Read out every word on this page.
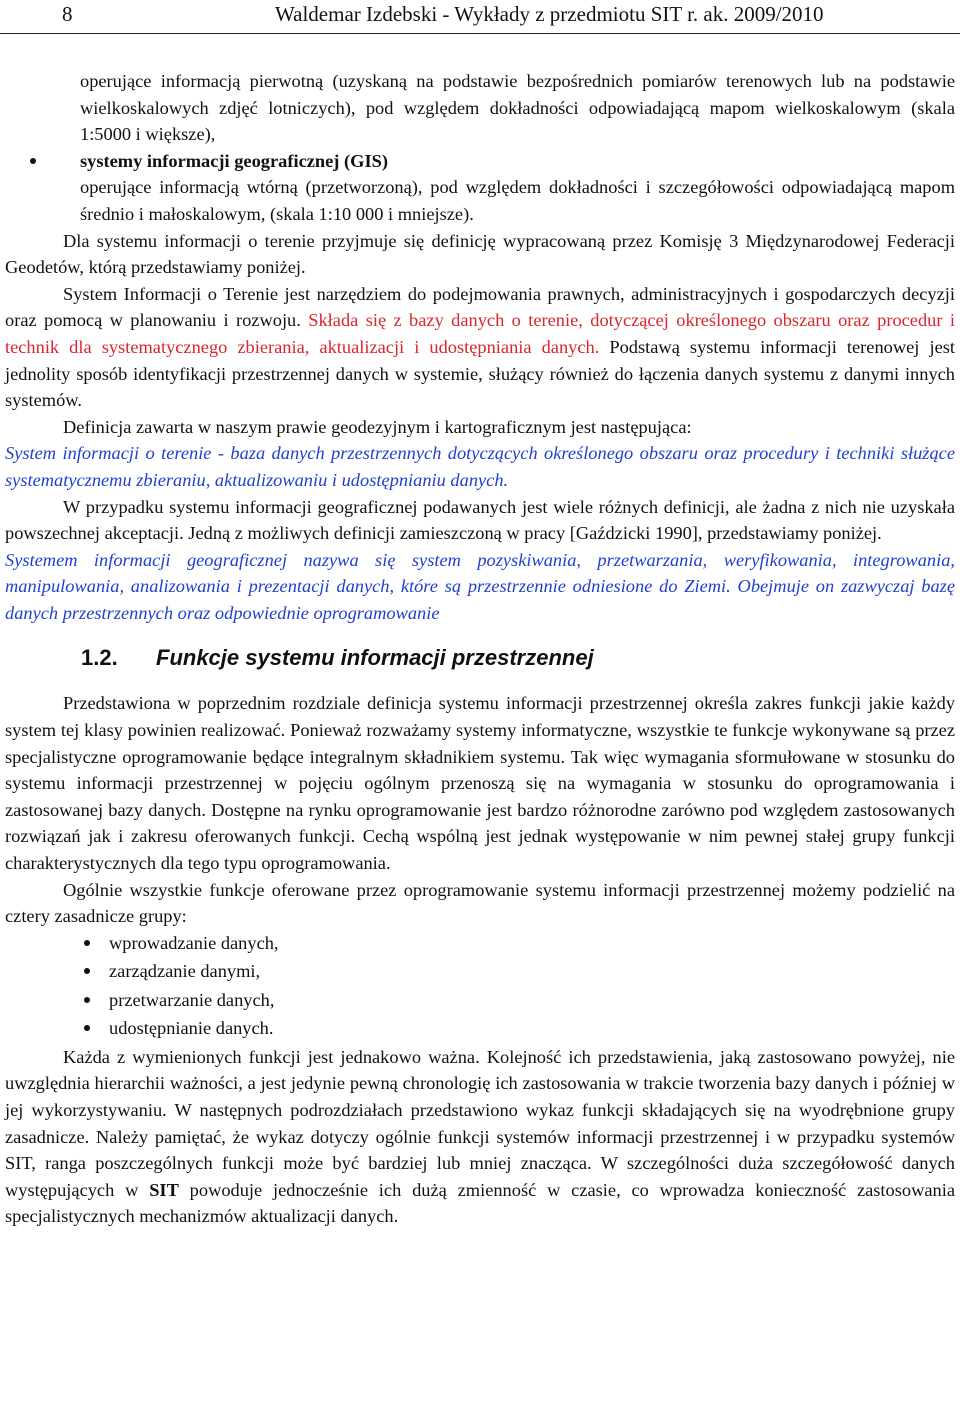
8	Waldemar Izdebski - Wykłady z przedmiotu SIT r. ak. 2009/2010

operujące informacją pierwotną (uzyskaną na podstawie bezpośrednich pomiarów terenowych lub na podstawie wielkoskalowych zdjęć lotniczych), pod względem dokładności odpowiadającą mapom wielkoskalowym (skala 1:5000 i większe),

systemy informacji geograficznej (GIS)

operujące informacją wtórną (przetworzoną), pod względem dokładności i szczegółowości odpowiadającą mapom średnio i małoskalowym, (skala 1:10 000 i mniejsze).

Dla systemu informacji o terenie przyjmuje się definicję wypracowaną przez Komisję 3 Międzynarodowej Federacji Geodetów, którą przedstawiamy poniżej.

System Informacji o Terenie jest narzędziem do podejmowania prawnych, administracyjnych i gospodarczych decyzji oraz pomocą w planowaniu i rozwoju. Składa się z bazy danych o terenie, dotyczącej określonego obszaru oraz procedur i technik dla systematycznego zbierania, aktualizacji i udostępniania danych. Podstawą systemu informacji terenowej jest jednolity sposób identyfikacji przestrzennej danych w systemie, służący również do łączenia danych systemu z danymi innych systemów.

Definicja zawarta w naszym prawie geodezyjnym i kartograficznym jest następująca:

System informacji o terenie - baza danych przestrzennych dotyczących określonego obszaru oraz procedury i techniki służące systematycznemu zbieraniu, aktualizowaniu i udostępnianiu danych.

W przypadku systemu informacji geograficznej podawanych jest wiele różnych definicji, ale żadna z nich nie uzyskała powszechnej akceptacji. Jedną z możliwych definicji zamieszczoną w pracy [Gaździcki 1990], przedstawiamy poniżej.

Systemem informacji geograficznej nazywa się system pozyskiwania, przetwarzania, weryfikowania, integrowania, manipulowania, analizowania i prezentacji danych, które są przestrzennie odniesione do Ziemi. Obejmuje on zazwyczaj bazę danych przestrzennych oraz odpowiednie oprogramowanie

1.2. Funkcje systemu informacji przestrzennej

Przedstawiona w poprzednim rozdziale definicja systemu informacji przestrzennej określa zakres funkcji jakie każdy system tej klasy powinien realizować. Ponieważ rozważamy systemy informatyczne, wszystkie te funkcje wykonywane są przez specjalistyczne oprogramowanie będące integralnym składnikiem systemu. Tak więc wymagania sformułowane w stosunku do systemu informacji przestrzennej w pojęciu ogólnym przenoszą się na wymagania w stosunku do oprogramowania i zastosowanej bazy danych. Dostępne na rynku oprogramowanie jest bardzo różnorodne zarówno pod względem zastosowanych rozwiązań jak i zakresu oferowanych funkcji. Cechą wspólną jest jednak występowanie w nim pewnej stałej grupy funkcji charakterystycznych dla tego typu oprogramowania.

Ogólnie wszystkie funkcje oferowane przez oprogramowanie systemu informacji przestrzennej możemy podzielić na cztery zasadnicze grupy:

wprowadzanie danych,
zarządzanie danymi,
przetwarzanie danych,
udostępnianie danych.

Każda z wymienionych funkcji jest jednakowo ważna. Kolejność ich przedstawienia, jaką zastosowano powyżej, nie uwzględnia hierarchii ważności, a jest jedynie pewną chronologię ich zastosowania w trakcie tworzenia bazy danych i później w jej wykorzystywaniu. W następnych podrozdziałach przedstawiono wykaz funkcji składających się na wyodrębnione grupy zasadnicze. Należy pamiętać, że wykaz dotyczy ogólnie funkcji systemów informacji przestrzennej i w przypadku systemów SIT, ranga poszczególnych funkcji może być bardziej lub mniej znacząca. W szczególności duża szczegółowość danych występujących w SIT powoduje jednocześnie ich dużą zmienność w czasie, co wprowadza konieczność zastosowania specjalistycznych mechanizmów aktualizacji danych.
